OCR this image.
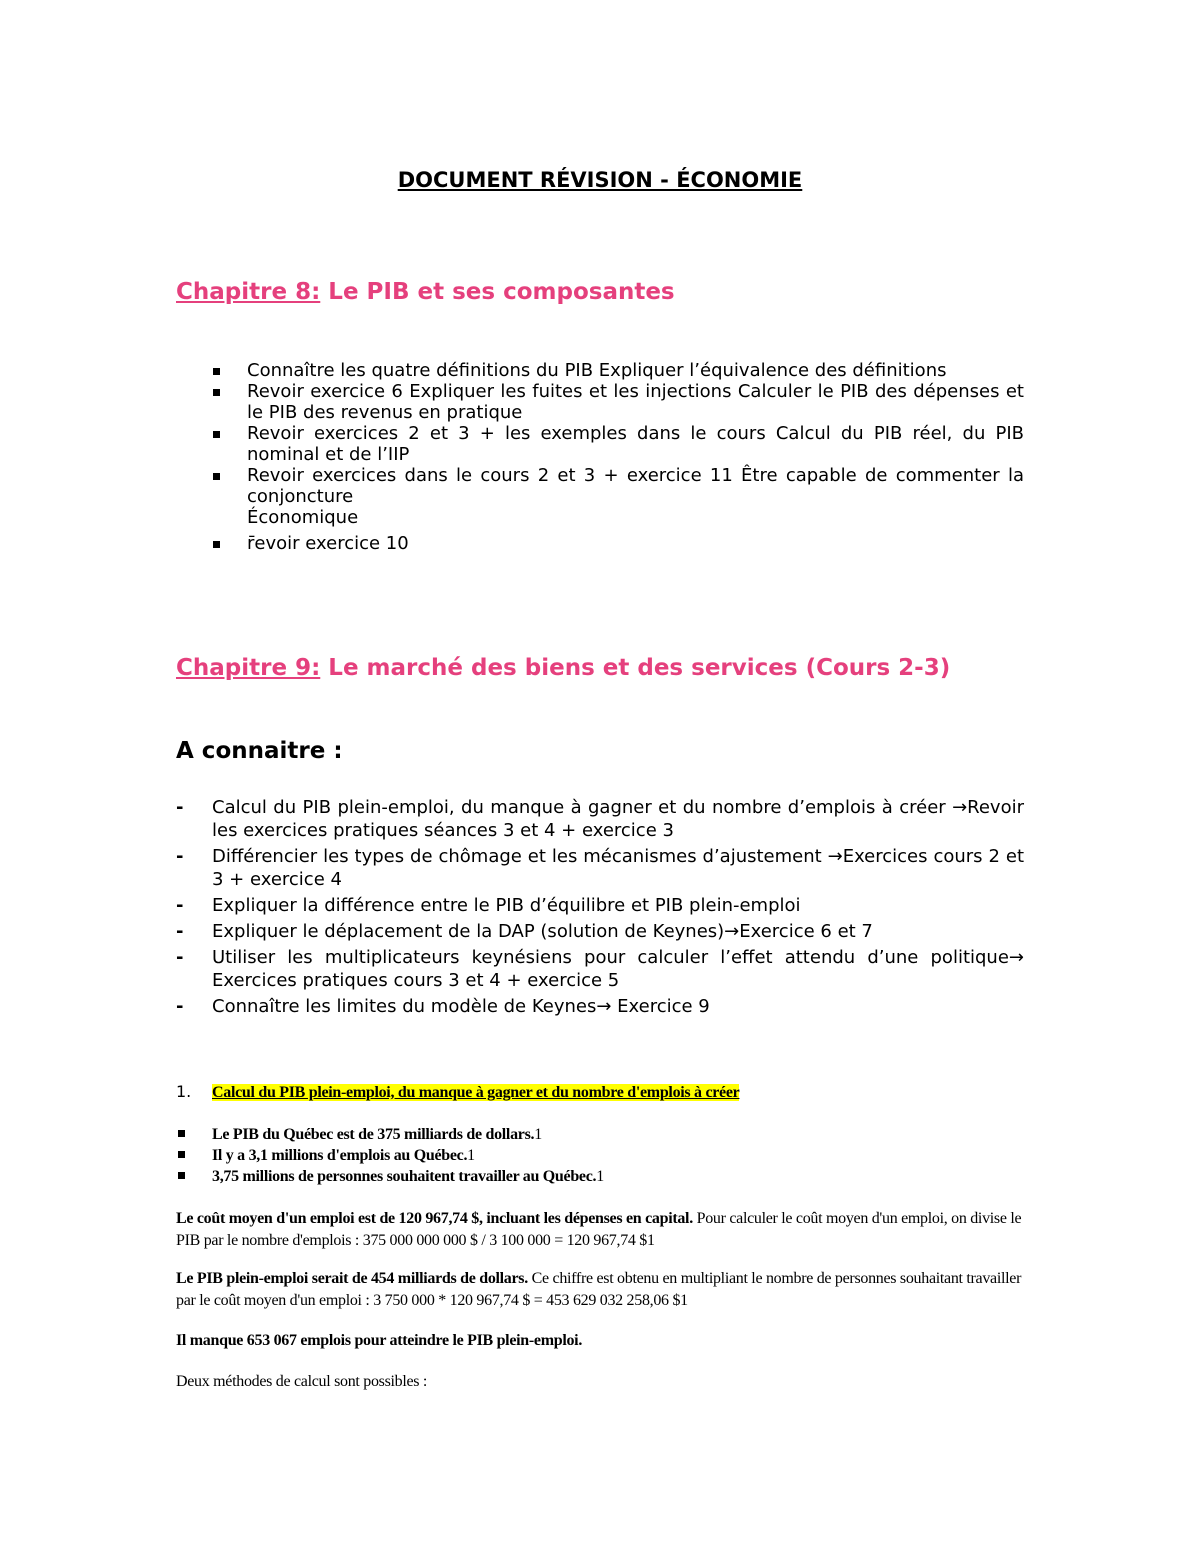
DOCUMENT RÉVISION - ÉCONOMIE
Chapitre 8: Le PIB et ses composantes
Connaître les quatre définitions du PIB Expliquer l’équivalence des définitions
Revoir exercice 6 Expliquer les fuites et les injections Calculer le PIB des dépenses et le PIB des revenus en pratique
Revoir exercices 2 et 3 + les exemples dans le cours Calcul du PIB réel, du PIB nominal et de l’IIP
Revoir exercices dans le cours 2 et 3 + exercice 11 Être capable de commenter la conjoncture
Économique
r̄evoir exercice 10
Chapitre 9: Le marché des biens et des services (Cours 2-3)
A connaitre :
- Calcul du PIB plein-emploi, du manque à gagner et du nombre d’emplois à créer →Revoir les exercices pratiques séances 3 et 4 + exercice 3
- Différencier les types de chômage et les mécanismes d’ajustement →Exercices cours 2 et 3 + exercice 4
- Expliquer la différence entre le PIB d’équilibre et PIB plein-emploi
- Expliquer le déplacement de la DAP (solution de Keynes)→Exercice 6 et 7
- Utiliser les multiplicateurs keynésiens pour calculer l’effet attendu d’une politique→ Exercices pratiques cours 3 et 4 + exercice 5
- Connaître les limites du modèle de Keynes→ Exercice 9
1. Calcul du PIB plein-emploi, du manque à gagner et du nombre d'emplois à créer
Le PIB du Québec est de 375 milliards de dollars.1
Il y a 3,1 millions d'emplois au Québec.1
3,75 millions de personnes souhaitent travailler au Québec.1
Le coût moyen d'un emploi est de 120 967,74 $, incluant les dépenses en capital. Pour calculer le coût moyen d'un emploi, on divise le PIB par le nombre d'emplois : 375 000 000 000 $ / 3 100 000 = 120 967,74 $1
Le PIB plein-emploi serait de 454 milliards de dollars. Ce chiffre est obtenu en multipliant le nombre de personnes souhaitant travailler par le coût moyen d'un emploi : 3 750 000 * 120 967,74 $ = 453 629 032 258,06 $1
Il manque 653 067 emplois pour atteindre le PIB plein-emploi.
Deux méthodes de calcul sont possibles :
